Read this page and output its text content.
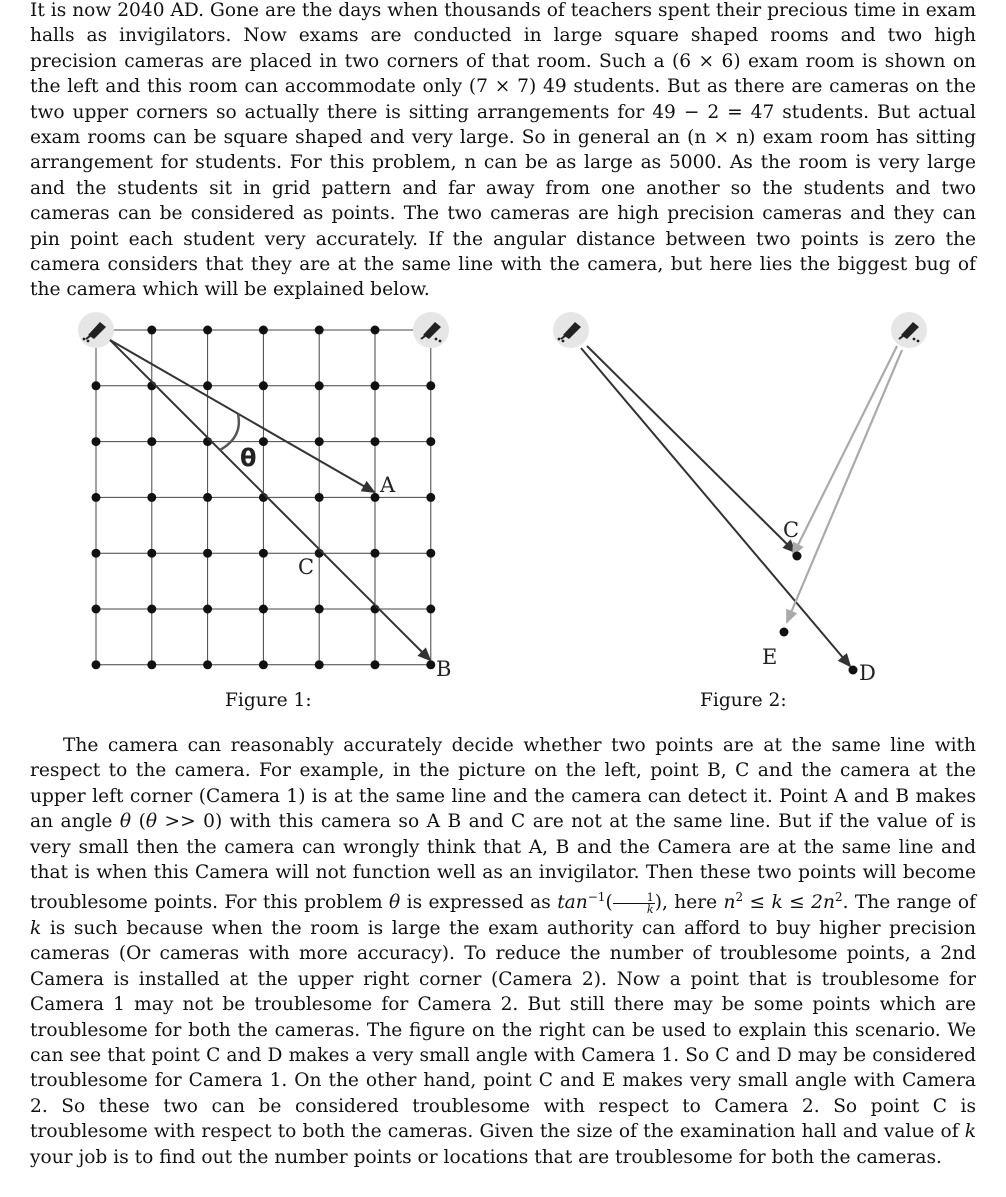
It is now 2040 AD. Gone are the days when thousands of teachers spent their precious time in exam halls as invigilators. Now exams are conducted in large square shaped rooms and two high precision cameras are placed in two corners of that room. Such a (6 × 6) exam room is shown on the left and this room can accommodate only (7 × 7) 49 students. But as there are cameras on the two upper corners so actually there is sitting arrangements for 49 − 2 = 47 students. But actual exam rooms can be square shaped and very large. So in general an (n × n) exam room has sitting arrangement for students. For this problem, n can be as large as 5000. As the room is very large and the students sit in grid pattern and far away from one another so the students and two cameras can be considered as points. The two cameras are high precision cameras and they can pin point each student very accurately. If the angular distance between two points is zero the camera considers that they are at the same line with the camera, but here lies the biggest bug of the camera which will be explained below.

θ
A
B
C
Figure 1:
C
E
D
Figure 2:

The camera can reasonably accurately decide whether two points are at the same line with respect to the camera. For example, in the picture on the left, point B, C and the camera at the upper left corner (Camera 1) is at the same line and the camera can detect it. Point A and B makes an angle θ (θ >> 0) with this camera so A B and C are not at the same line. But if the value of is very small then the camera can wrongly think that A, B and the Camera are at the same line and that is when this Camera will not function well as an invigilator. Then these two points will become troublesome points. For this problem θ is expressed as $\tan^{-1}( \frac{1}{k}$ ), here $n^2 \le k \le 2n^2$. The range of k is such because when the room is large the exam authority can afford to buy higher precision cameras (Or cameras with more accuracy). To reduce the number of troublesome points, a 2nd Camera is installed at the upper right corner (Camera 2). Now a point that is troublesome for Camera 1 may not be troublesome for Camera 2. But still there may be some points which are troublesome for both the cameras. The figure on the right can be used to explain this scenario. We can see that point C and D makes a very small angle with Camera 1. So C and D may be considered troublesome for Camera 1. On the other hand, point C and E makes very small angle with Camera 2. So these two can be considered troublesome with respect to Camera 2. So point C is troublesome with respect to both the cameras. Given the size of the examination hall and value of k your job is to find out the number points or locations that are troublesome for both the cameras.
